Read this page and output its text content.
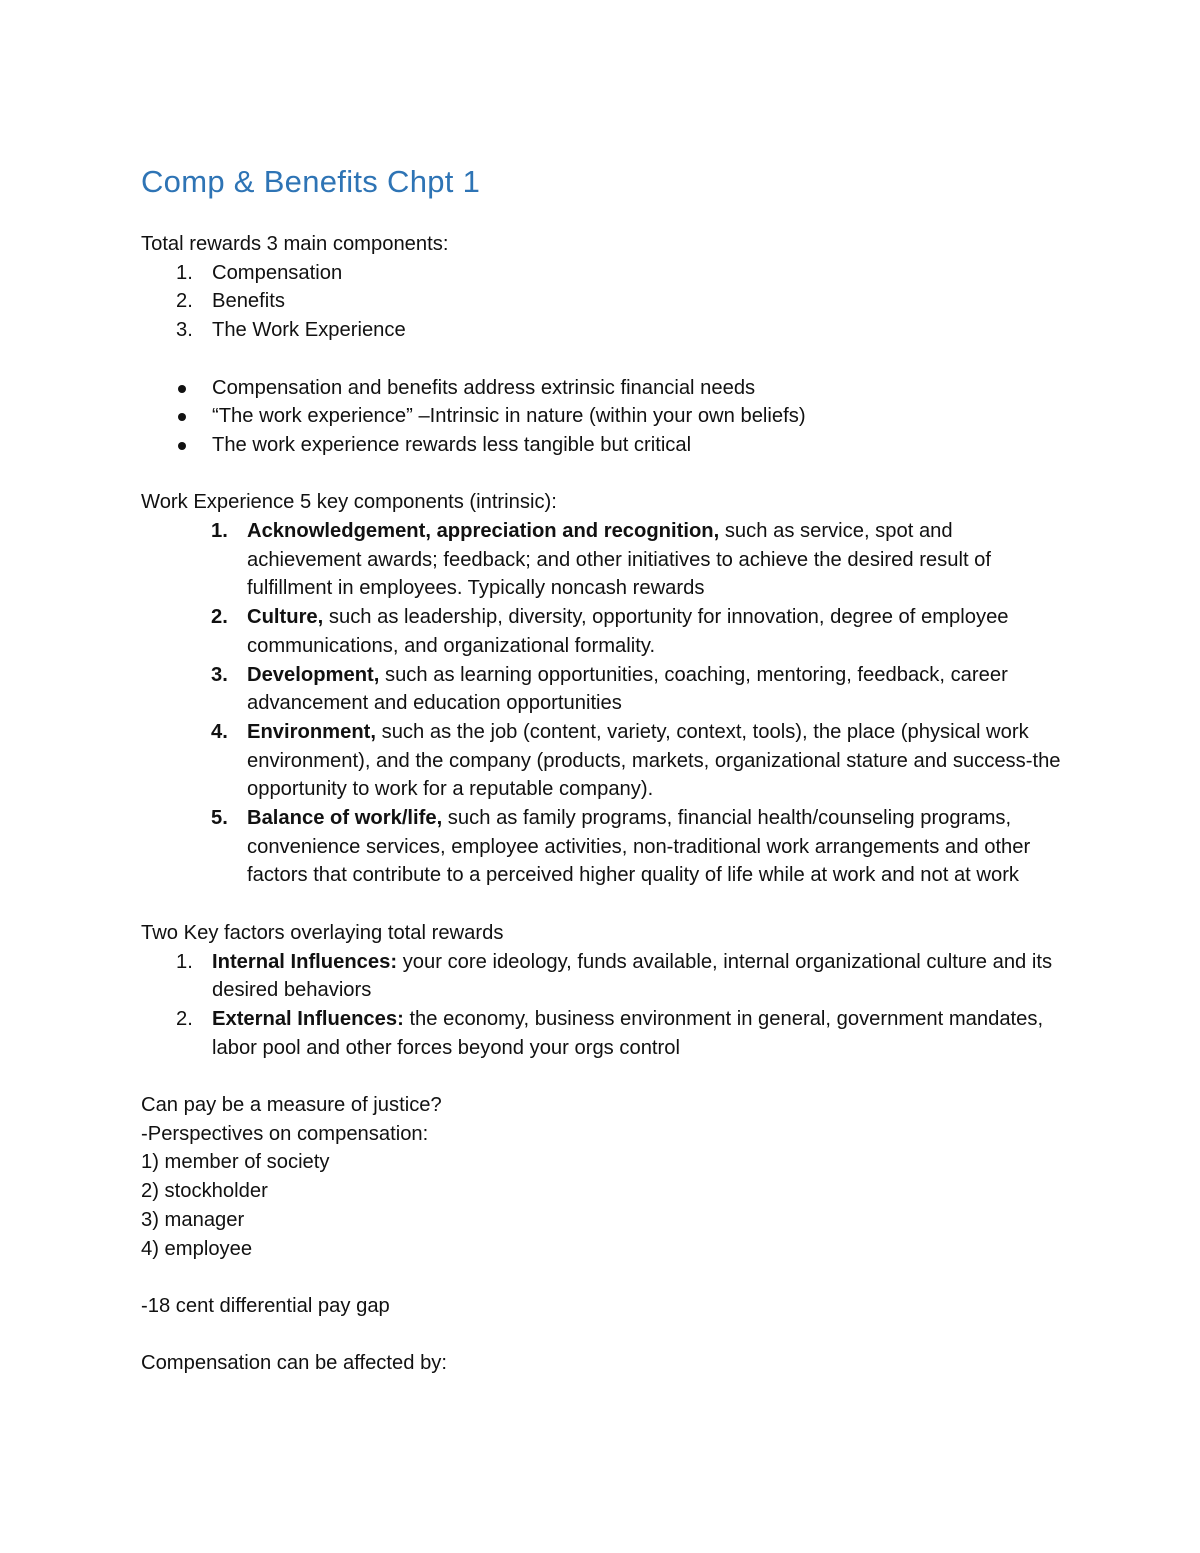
Comp & Benefits Chpt 1

Total rewards 3 main components:

1. Compensation
2. Benefits
3. The Work Experience
Compensation and benefits address extrinsic financial needs
“The work experience” –Intrinsic in nature (within your own beliefs)
The work experience rewards less tangible but critical

Work Experience 5 key components (intrinsic):

1. Acknowledgement, appreciation and recognition, such as service, spot and achievement awards; feedback; and other initiatives to achieve the desired result of fulfillment in employees. Typically noncash rewards
2. Culture, such as leadership, diversity, opportunity for innovation, degree of employee communications, and organizational formality.
3. Development, such as learning opportunities, coaching, mentoring, feedback, career advancement and education opportunities
4. Environment, such as the job (content, variety, context, tools), the place (physical work environment), and the company (products, markets, organizational stature and success-the opportunity to work for a reputable company).
5. Balance of work/life, such as family programs, financial health/counseling programs, convenience services, employee activities, non-traditional work arrangements and other factors that contribute to a perceived higher quality of life while at work and not at work

Two Key factors overlaying total rewards

1. Internal Influences: your core ideology, funds available, internal organizational culture and its desired behaviors
2. External Influences: the economy, business environment in general, government mandates, labor pool and other forces beyond your orgs control

Can pay be a measure of justice?

-Perspectives on compensation:

1) member of society

2) stockholder

3) manager

4) employee

-18 cent differential pay gap

Compensation can be affected by:
